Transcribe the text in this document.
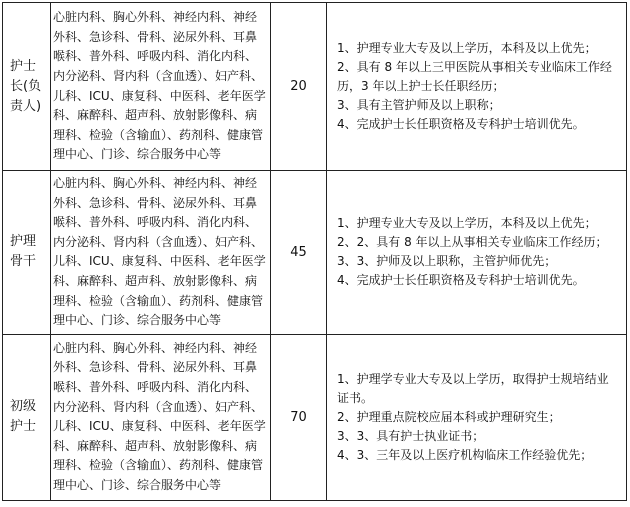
护士长(负责人)	心脏内科、胸心外科、神经内科、神经外科、急诊科、骨科、泌尿外科、耳鼻喉科、普外科、呼吸内科、消化内科、内分泌科、肾内科（含血透）、妇产科、儿科、ICU、康复科、中医科、老年医学科、麻醉科、超声科、放射影像科、病理科、检验（含输血）、药剂科、健康管理中心、门诊、综合服务中心等	20	1、护理专业大专及以上学历，本科及以上优先；
2、具有 8 年以上三甲医院从事相关专业临床工作经历，3 年以上护士长任职经历；
3、具有主管护师及以上职称；
4、完成护士长任职资格及专科护士培训优先。

护理骨干	心脏内科、胸心外科、神经内科、神经外科、急诊科、骨科、泌尿外科、耳鼻喉科、普外科、呼吸内科、消化内科、内分泌科、肾内科（含血透）、妇产科、儿科、ICU、康复科、中医科、老年医学科、麻醉科、超声科、放射影像科、病理科、检验（含输血）、药剂科、健康管理中心、门诊、综合服务中心等	45	1、护理专业大专及以上学历，本科及以上优先；
2、2、具有 8 年以上从事相关专业临床工作经历；
3、3、护师及以上职称，主管护师优先；
4、完成护士长任职资格及专科护士培训优先。

初级护士	心脏内科、胸心外科、神经内科、神经外科、急诊科、骨科、泌尿外科、耳鼻喉科、普外科、呼吸内科、消化内科、内分泌科、肾内科（含血透）、妇产科、儿科、ICU、康复科、中医科、老年医学科、麻醉科、超声科、放射影像科、病理科、检验（含输血）、药剂科、健康管理中心、门诊、综合服务中心等	70	1、护理学专业大专及以上学历，取得护士规培结业证书。
2、护理重点院校应届本科或护理研究生；
3、3、具有护士执业证书；
4、3、三年及以上医疗机构临床工作经验优先；
